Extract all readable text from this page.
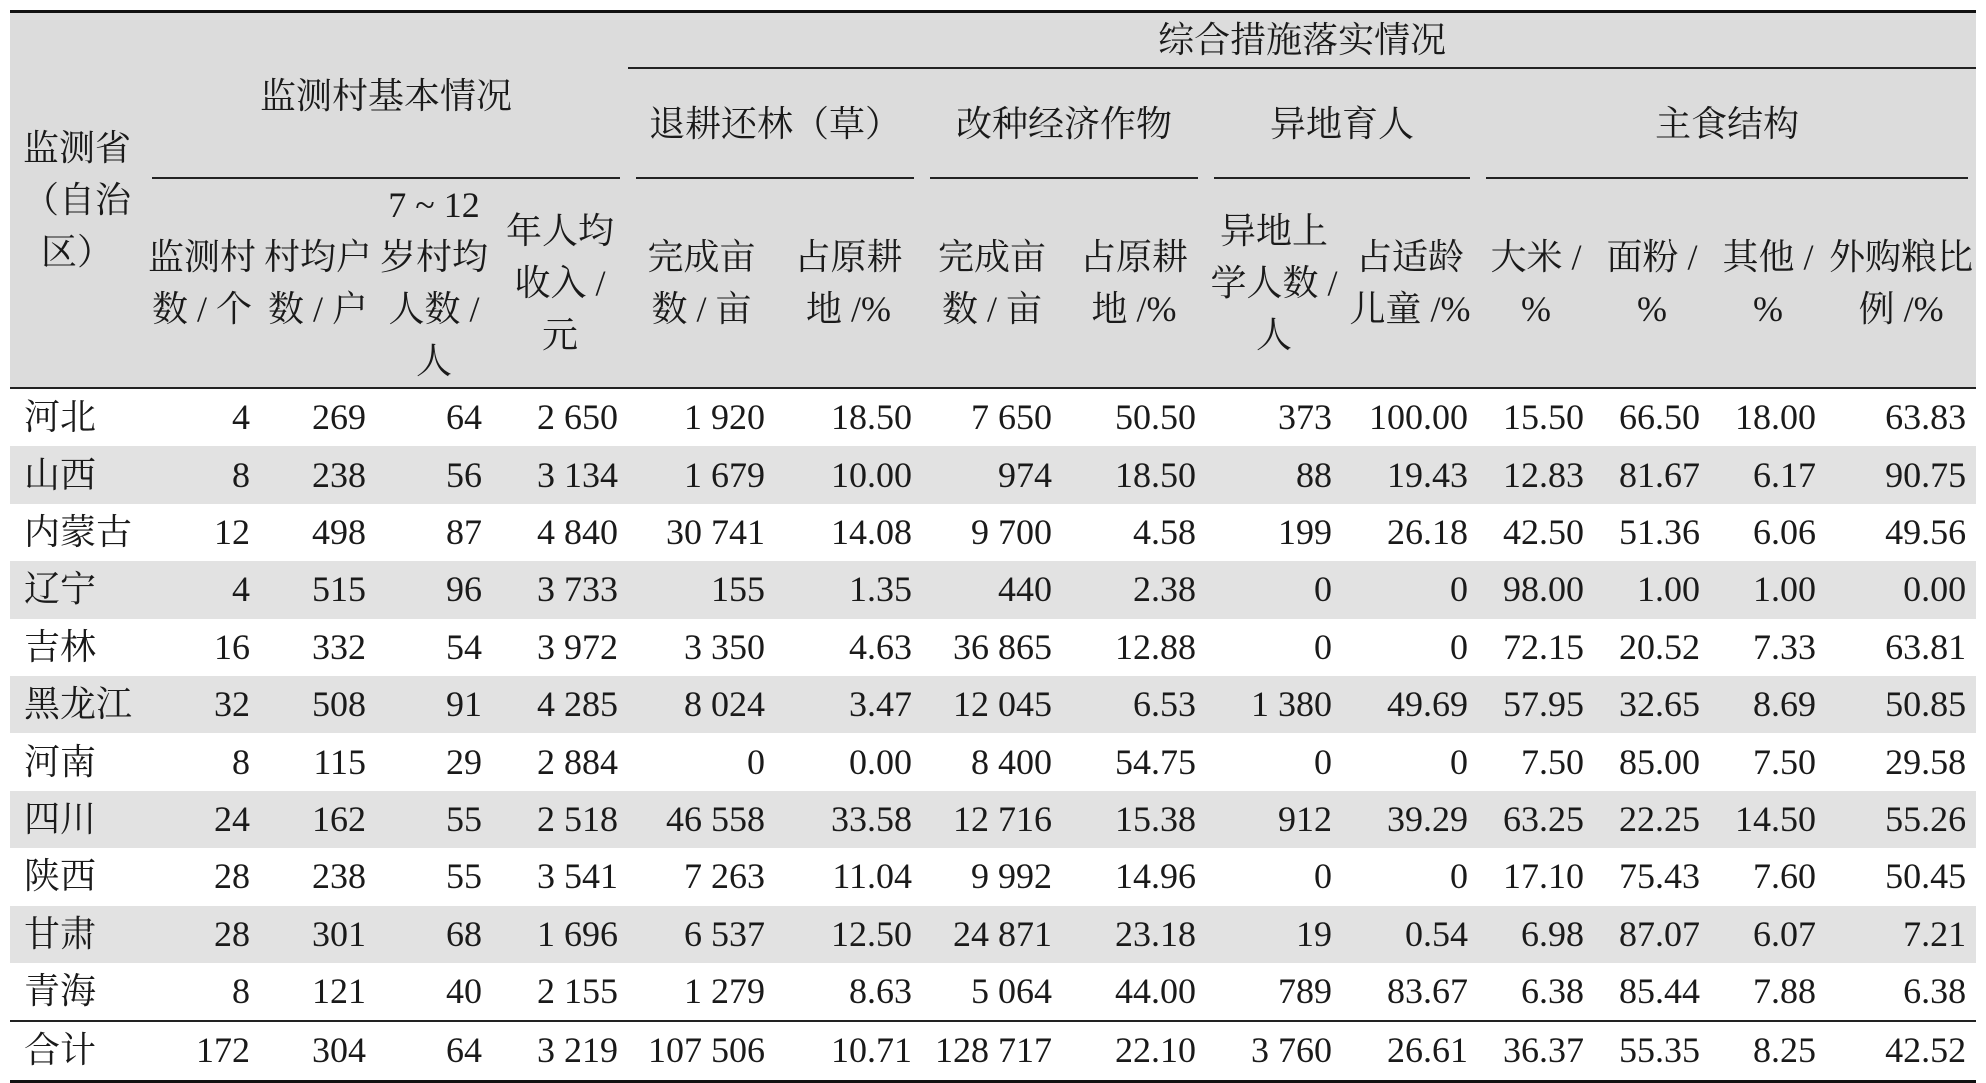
监测省（自治区）	监测村基本情况				综合措施落实情况									
					退耕还林（草）		改种经济作物		异地育人		主食结构			
	监测村数 / 个	村均户数 / 户	7 ~ 12 岁村均人数 / 人	年人均收入 / 元	完成亩数 / 亩	占原耕地 /%	完成亩数 / 亩	占原耕地 /%	异地上学人数 / 人	占适龄儿童 /%	大米 / %	面粉 / %	其他 / %	外购粮比例 /%
河北	4	269	64	2 650	1 920	18.50	7 650	50.50	373	100.00	15.50	66.50	18.00	63.83
山西	8	238	56	3 134	1 679	10.00	974	18.50	88	19.43	12.83	81.67	6.17	90.75
内蒙古	12	498	87	4 840	30 741	14.08	9 700	4.58	199	26.18	42.50	51.36	6.06	49.56
辽宁	4	515	96	3 733	155	1.35	440	2.38	0	0	98.00	1.00	1.00	0.00
吉林	16	332	54	3 972	3 350	4.63	36 865	12.88	0	0	72.15	20.52	7.33	63.81
黑龙江	32	508	91	4 285	8 024	3.47	12 045	6.53	1 380	49.69	57.95	32.65	8.69	50.85
河南	8	115	29	2 884	0	0.00	8 400	54.75	0	0	7.50	85.00	7.50	29.58
四川	24	162	55	2 518	46 558	33.58	12 716	15.38	912	39.29	63.25	22.25	14.50	55.26
陕西	28	238	55	3 541	7 263	11.04	9 992	14.96	0	0	17.10	75.43	7.60	50.45
甘肃	28	301	68	1 696	6 537	12.50	24 871	23.18	19	0.54	6.98	87.07	6.07	7.21
青海	8	121	40	2 155	1 279	8.63	5 064	44.00	789	83.67	6.38	85.44	7.88	6.38
合计	172	304	64	3 219	107 506	10.71	128 717	22.10	3 760	26.61	36.37	55.35	8.25	42.52
